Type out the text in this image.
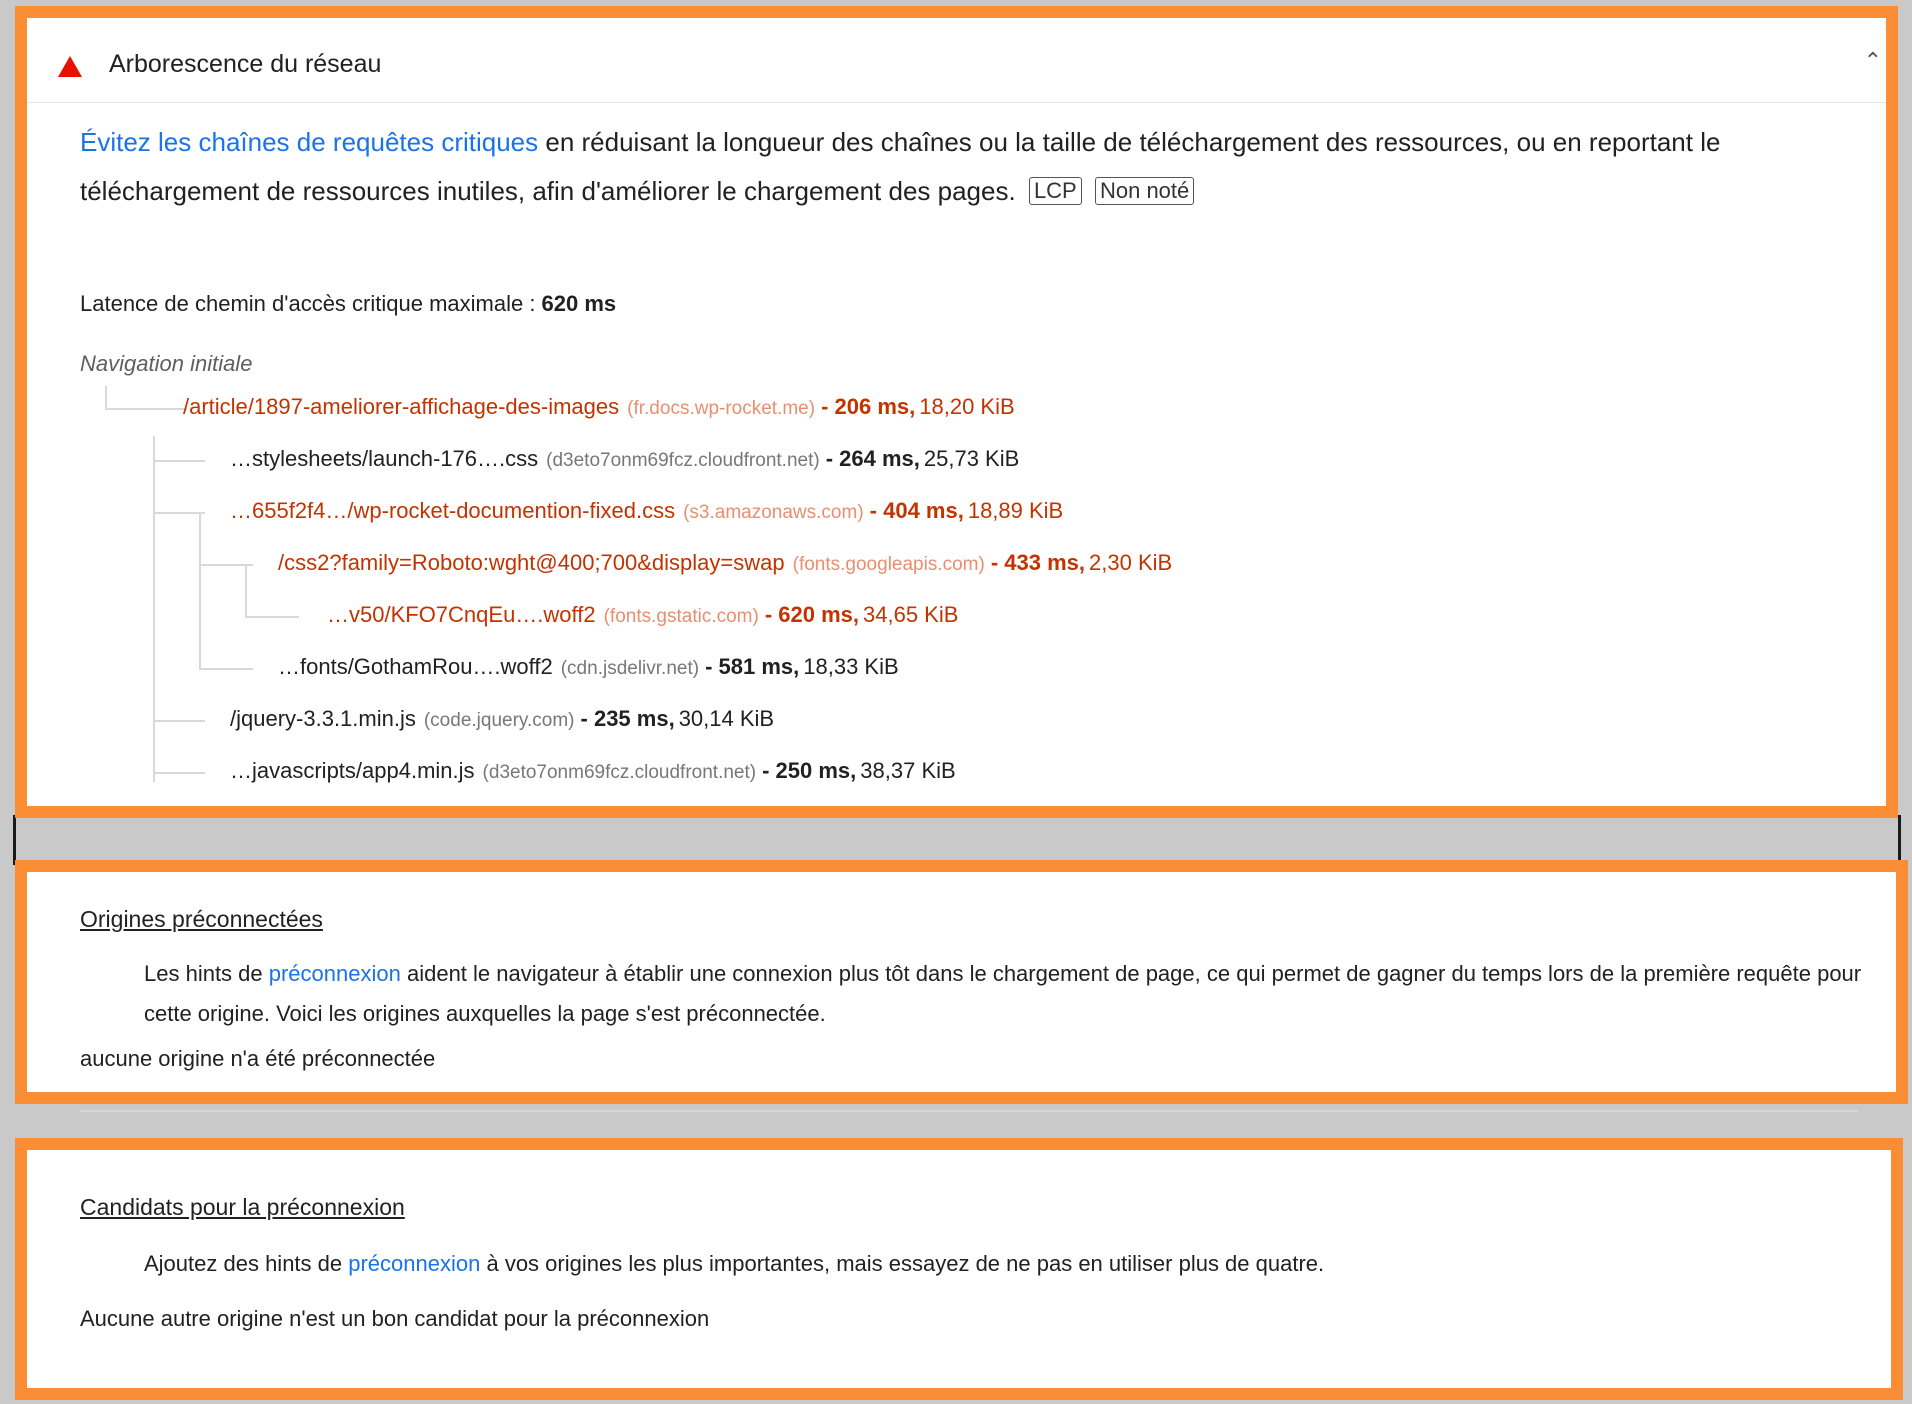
Arborescence du réseau	⌃
Évitez les chaînes de requêtes critiques en réduisant la longueur des chaînes ou la taille de téléchargement des ressources, ou en reportant le téléchargement de ressources inutiles, afin d'améliorer le chargement des pages. LCP Non noté
Latence de chemin d'accès critique maximale : 620 ms
Navigation initiale
/article/1897-ameliorer-affichage-des-images (fr.docs.wp-rocket.me) - 206 ms, 18,20 KiB
…stylesheets/launch-176….css (d3eto7onm69fcz.cloudfront.net) - 264 ms, 25,73 KiB
…655f2f4…/wp-rocket-documention-fixed.css (s3.amazonaws.com) - 404 ms, 18,89 KiB
/css2?family=Roboto:wght@400;700&display=swap (fonts.googleapis.com) - 433 ms, 2,30 KiB
…v50/KFO7CnqEu….woff2 (fonts.gstatic.com) - 620 ms, 34,65 KiB
…fonts/GothamRou….woff2 (cdn.jsdelivr.net) - 581 ms, 18,33 KiB
/jquery-3.3.1.min.js (code.jquery.com) - 235 ms, 30,14 KiB
…javascripts/app4.min.js (d3eto7onm69fcz.cloudfront.net) - 250 ms, 38,37 KiB
Origines préconnectées
Les hints de préconnexion aident le navigateur à établir une connexion plus tôt dans le chargement de page, ce qui permet de gagner du temps lors de la première requête pour cette origine. Voici les origines auxquelles la page s'est préconnectée.
aucune origine n'a été préconnectée
Candidats pour la préconnexion
Ajoutez des hints de préconnexion à vos origines les plus importantes, mais essayez de ne pas en utiliser plus de quatre.
Aucune autre origine n'est un bon candidat pour la préconnexion
